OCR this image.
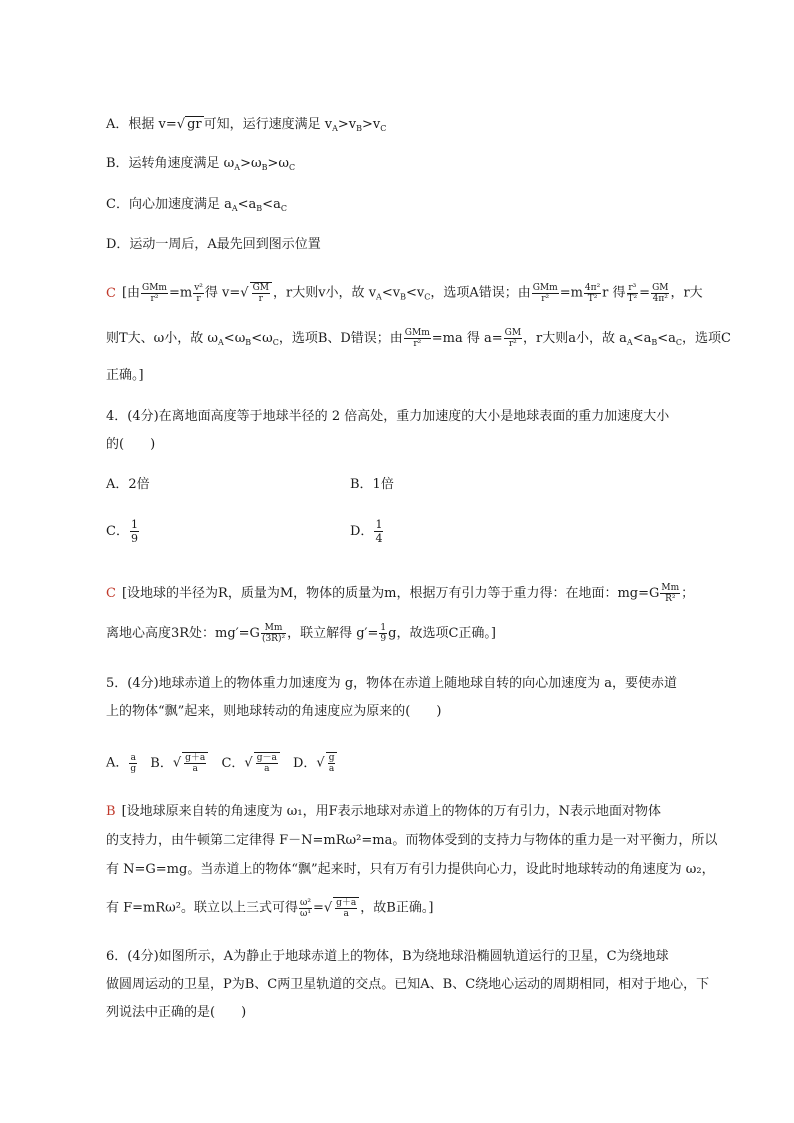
A．根据 v=√ gr 可知，运行速度满足 $v_A>v_B>v_C$
B．运转角速度满足 $\omega_A>\omega_B>\omega_C$
C．向心加速度满足 $a_A<a_B<a_C$
D．运动一周后，A最先回到图示位置
C [由 $\frac{\text{GMm}}{\text{r²}} =m \frac{\text{v²}}{r}$ 得 $v=√ \frac{GM}{r}$ ，r大则v小，故 $v_A<v_B<v_C$，选项A错误；由 $\frac{\text{GMm}}{\text{r²}} =m \frac{\text{4π²}}{\text{T²}}$ r 得 $\frac{\text{r³}}{\text{T²}} = \frac{GM}{\text{4π²}}$ ，r大
则T大、ω小，故 $\omega_A<\omega_B<\omega_C$，选项B、D错误；由 $\frac{\text{GMm}}{\text{r²}} =ma$ 得 $a= \frac{GM}{\text{r²}}$ ，r大则a小，故 $a_A<a_B<a_C$，选项C
正确。]
4．(4分)在离地面高度等于地球半径的 2 倍高处，重力加速度的大小是地球表面的重力加速度大小
的(　　)
A．2倍	B．1倍
C． $\frac{1}{9}$	D． $\frac{1}{4}$
C [设地球的半径为R，质量为M，物体的质量为m，根据万有引力等于重力得：在地面：$mg=G \frac{Mm}{\text{R²}}$ ；
离地心高度3R处：$mg'=G \frac{Mm}{\text{(3R)²}}$ ，联立解得 $g'= \frac{1}{9}$ g，故选项C正确。]
5．(4分)地球赤道上的物体重力加速度为 g，物体在赤道上随地球自转的向心加速度为 a，要使赤道
上的物体“飘”起来，则地球转动的角速度应为原来的(　　)
A． $\frac{a}{g}$ B．√ $\frac{g+a}{a}$ C．√ $\frac{g-a}{a}$ D．√ $\frac{g}{a}$
B [设地球原来自转的角速度为 ω₁，用F表示地球对赤道上的物体的万有引力，N表示地面对物体
的支持力，由牛顿第二定律得 F－N=mRω²=ma。而物体受到的支持力与物体的重力是一对平衡力，所以
有 N=G=mg。当赤道上的物体“飘”起来时，只有万有引力提供向心力，设此时地球转动的角速度为 ω₂，
有 F=mRω²。联立以上三式可得 $\frac{\text{ω²}}{\text{ω¹}}$ =√ $\frac{g+a}{a}$ ，故B正确。]
6．(4分)如图所示，A为静止于地球赤道上的物体，B为绕地球沿椭圆轨道运行的卫星，C为绕地球
做圆周运动的卫星，P为B、C两卫星轨道的交点。已知A、B、C绕地心运动的周期相同，相对于地心，下
列说法中正确的是(　　)
